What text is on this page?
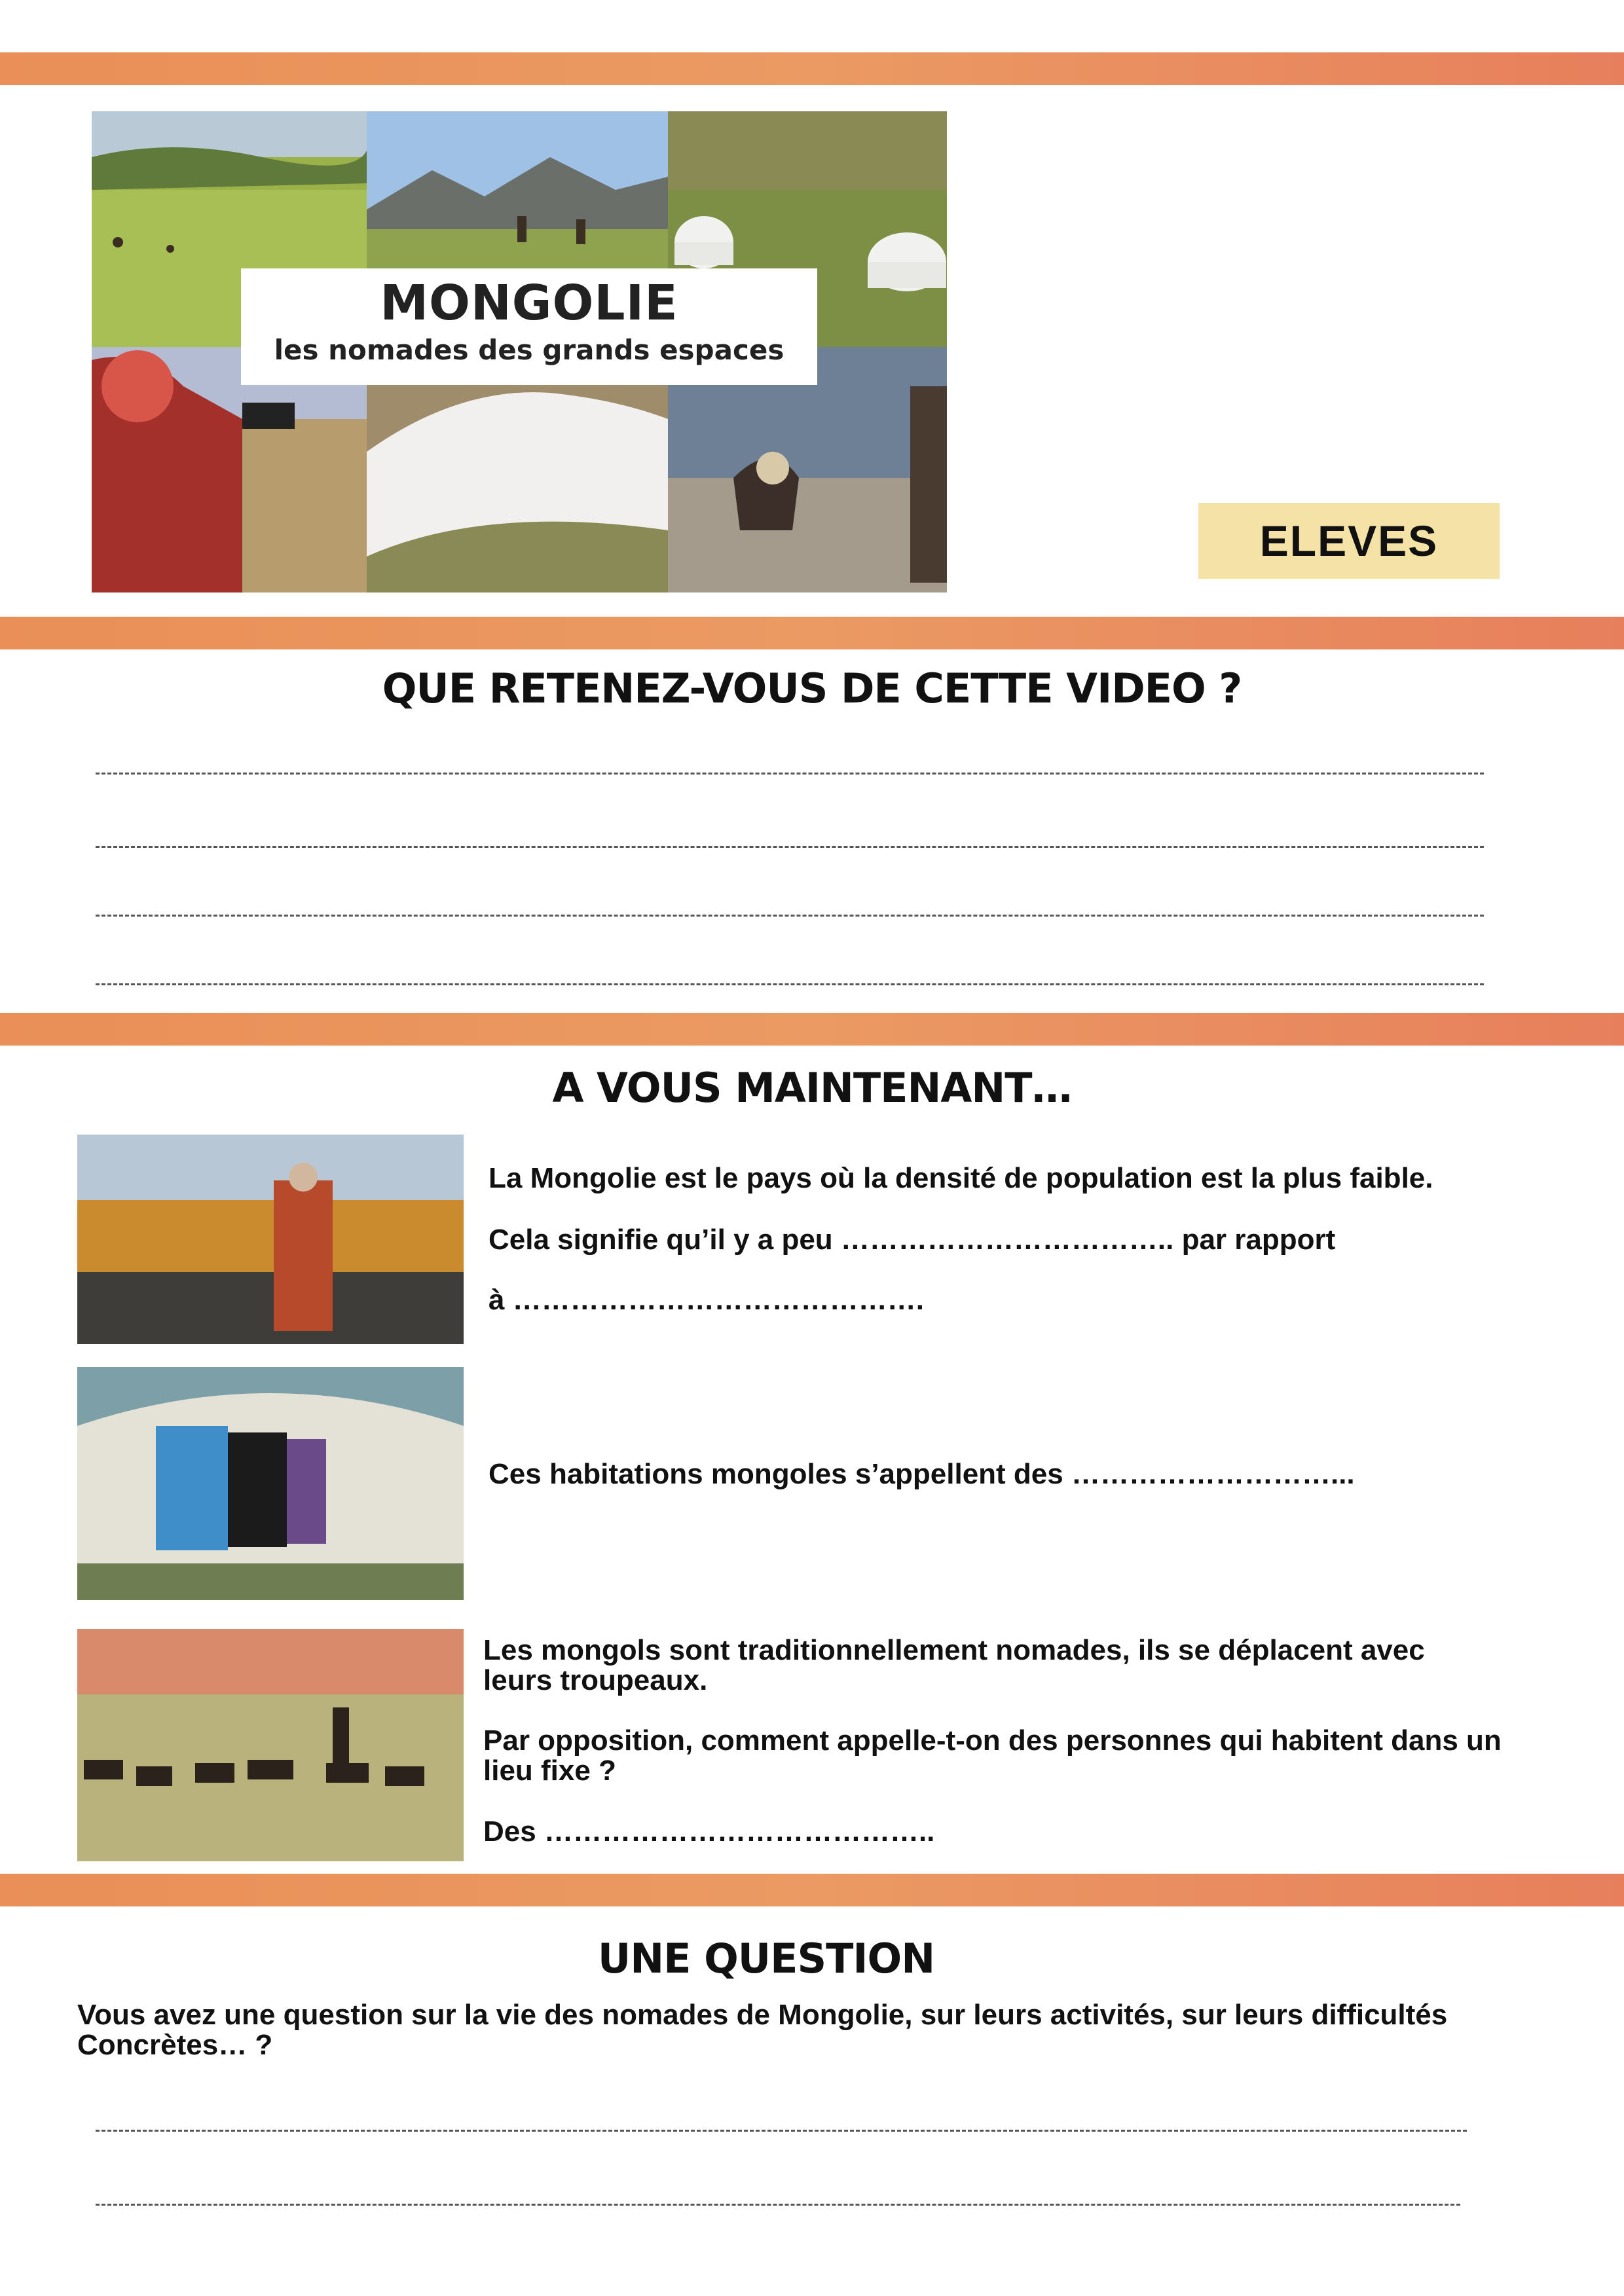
MONGOLIE
les nomades des grands espaces
ELEVES
QUE RETENEZ-VOUS DE CETTE VIDEO ?
A VOUS MAINTENANT…
La Mongolie est le pays où la densité de population est la plus faible.
Cela signifie qu’il y a peu …………………………….. par rapport
à …………………………………….
Ces habitations mongoles s’appellent des ………………………...
Les mongols sont traditionnellement nomades, ils se déplacent avec leurs troupeaux.
Par opposition, comment appelle-t-on des personnes qui habitent dans un lieu fixe ?
Des …………………………………..
UNE QUESTION
Vous avez une question sur la vie des nomades de Mongolie, sur leurs activités, sur leurs difficultés Concrètes… ?
